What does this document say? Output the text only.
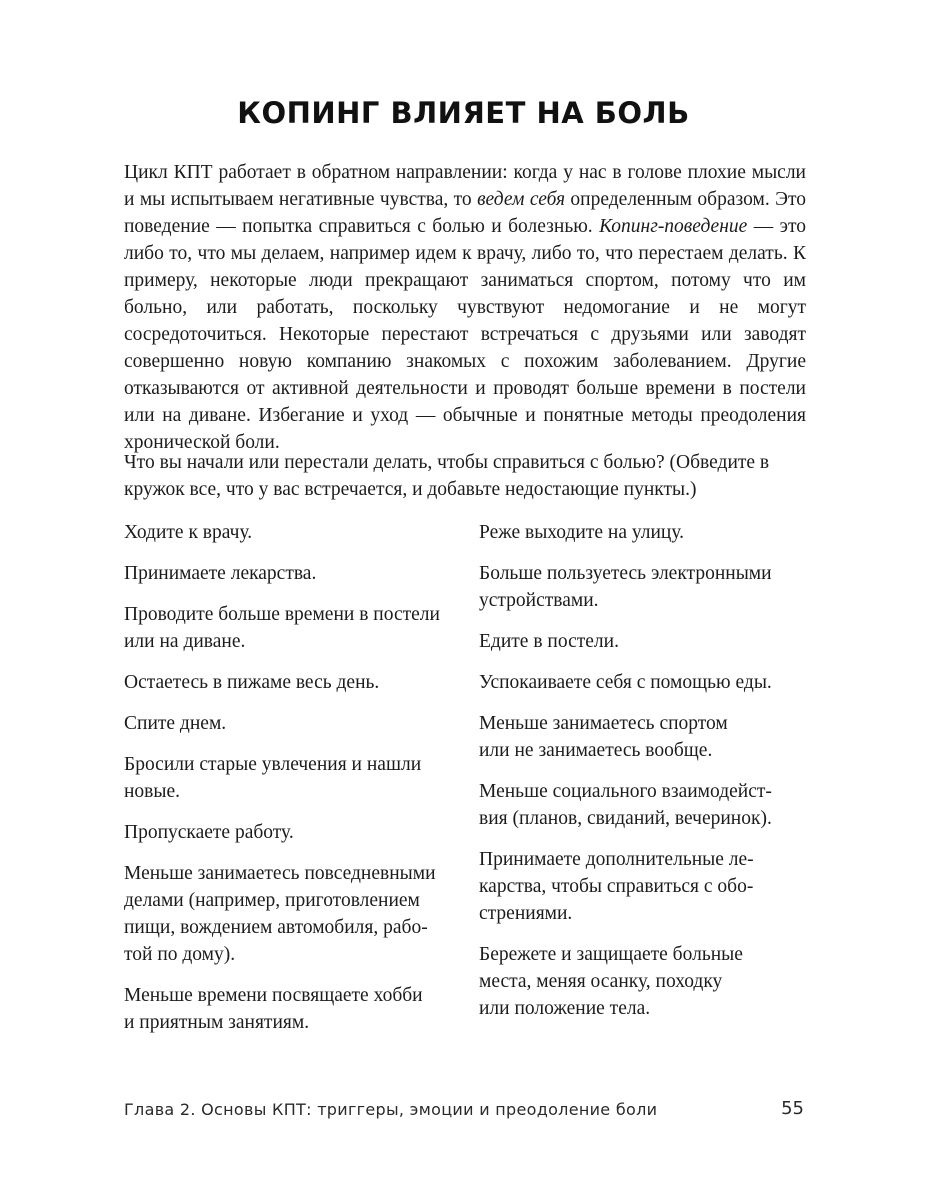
КОПИНГ ВЛИЯЕТ НА БОЛЬ

Цикл КПТ работает в обратном направлении: когда у нас в голове плохие мысли и мы испытываем негативные чувства, то ведем себя определенным образом. Это поведение — попытка справиться с болью и болезнью. Копинг-поведение — это либо то, что мы делаем, например идем к врачу, либо то, что перестаем делать. К примеру, некоторые люди прекращают заниматься спортом, потому что им больно, или работать, поскольку чувствуют недомогание и не могут сосредоточиться. Некоторые перестают встречаться с друзьями или заводят совершенно новую компанию знакомых с похожим заболеванием. Другие отказываются от активной деятельности и проводят больше времени в постели или на диване. Избегание и уход — обычные и понятные методы преодоления хронической боли.

Что вы начали или перестали делать, чтобы справиться с болью? (Обведите в кружок все, что у вас встречается, и добавьте недостающие пункты.)

Ходите к врачу.
Принимаете лекарства.
Проводите больше времени в постели
или на диване.
Остаетесь в пижаме весь день.
Спите днем.
Бросили старые увлечения и нашли
новые.
Пропускаете работу.
Меньше занимаетесь повседневными
делами (например, приготовлением
пищи, вождением автомобиля, рабо-
той по дому).
Меньше времени посвящаете хобби
и приятным занятиям.
Реже выходите на улицу.
Больше пользуетесь электронными
устройствами.
Едите в постели.
Успокаиваете себя с помощью еды.
Меньше занимаетесь спортом
или не занимаетесь вообще.
Меньше социального взаимодейст-
вия (планов, свиданий, вечеринок).
Принимаете дополнительные ле-
карства, чтобы справиться с обо-
стрениями.
Бережете и защищаете больные
места, меняя осанку, походку
или положение тела.
Глава 2. Основы КПТ: триггеры, эмоции и преодоление боли	55
